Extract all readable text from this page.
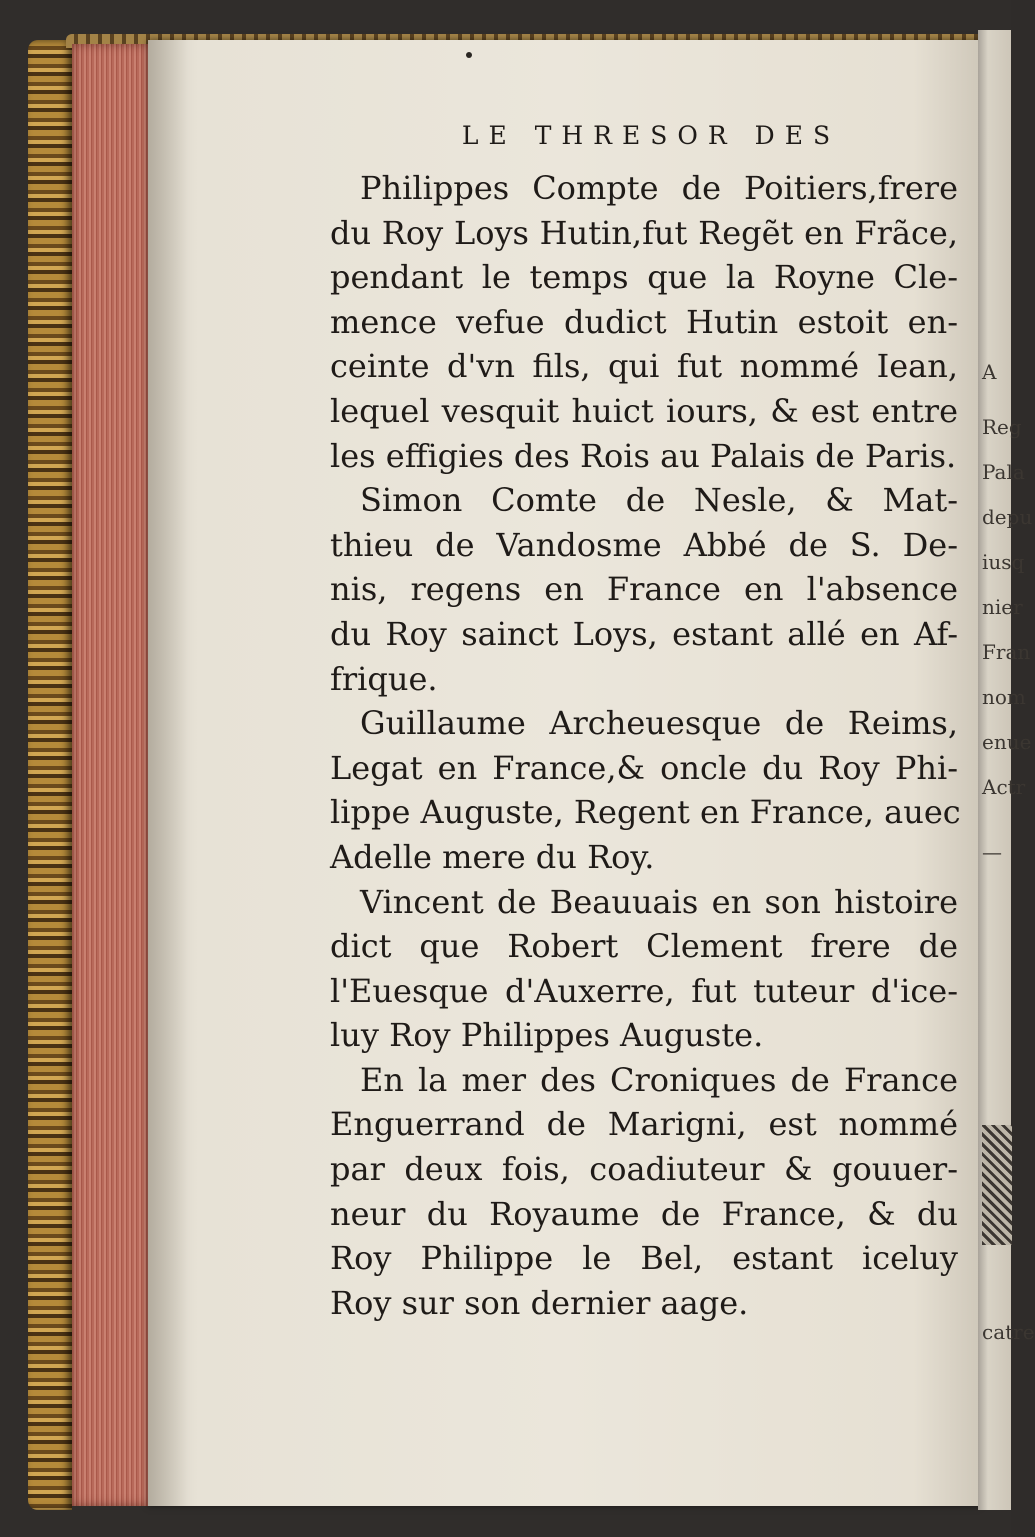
LE THRESOR DES
Philippes Compte de Poitiers,frere
du Roy Loys Hutin,fut Regẽt en Frãce,
pendant le temps que la Royne Cle-
mence vefue dudict Hutin estoit en-
ceinte d'vn fils, qui fut nommé Iean,
lequel vesquit huict iours, & est entre
les effigies des Rois au Palais de Paris.
Simon Comte de Nesle, & Mat-
thieu de Vandosme Abbé de S. De-
nis, regens en France en l'absence
du Roy sainct Loys, estant allé en Af-
frique.
Guillaume Archeuesque de Reims,
Legat en France,& oncle du Roy Phi-
lippe Auguste, Regent en France, auec
Adelle mere du Roy.
Vincent de Beauuais en son histoire
dict que Robert Clement frere de
l'Euesque d'Auxerre, fut tuteur d'ice-
luy Roy Philippes Auguste.
En la mer des Croniques de France
Enguerrand de Marigni, est nommé
par deux fois, coadiuteur & gouuer-
neur du Royaume de France, & du
Roy Philippe le Bel, estant iceluy
Roy sur son dernier aage.
A
Reg
Pala
depu
iusq
nier
Fran
nom
enue
Actr
—
catre
